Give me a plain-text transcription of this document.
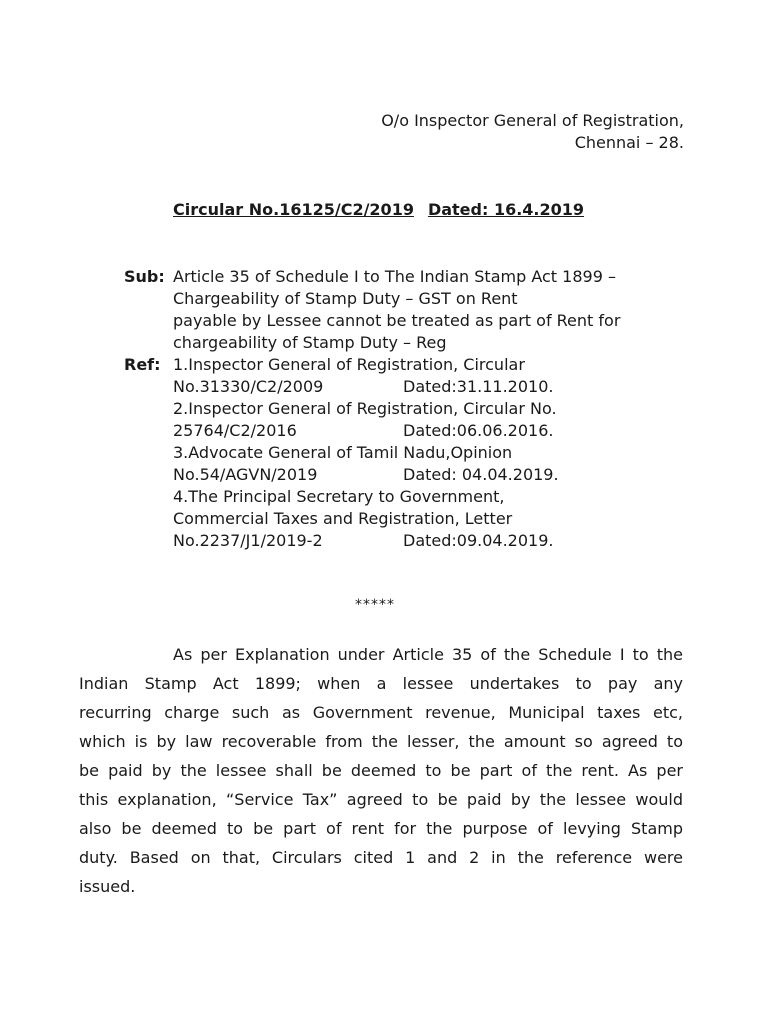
O/o Inspector General of Registration,
Chennai – 28.
Circular No.16125/C2/2019 Dated: 16.4.2019
Sub: Article 35 of Schedule I to The Indian Stamp Act 1899 –
Chargeability of Stamp Duty – GST on Rent
payable by Lessee cannot be treated as part of Rent for
chargeability of Stamp Duty – Reg
Ref: 1.Inspector General of Registration, Circular
No.31330/C2/2009	Dated:31.11.2010.
2.Inspector General of Registration, Circular No.
25764/C2/2016	Dated:06.06.2016.
3.Advocate General of Tamil Nadu,Opinion
No.54/AGVN/2019	Dated: 04.04.2019.
4.The Principal Secretary to Government,
Commercial Taxes and Registration, Letter
No.2237/J1/2019-2	Dated:09.04.2019.
*****
As per Explanation under Article 35 of the Schedule I to the
Indian Stamp Act 1899; when a lessee undertakes to pay any
recurring charge such as Government revenue, Municipal taxes etc,
which is by law recoverable from the lesser, the amount so agreed to
be paid by the lessee shall be deemed to be part of the rent. As per
this explanation, “Service Tax” agreed to be paid by the lessee would
also be deemed to be part of rent for the purpose of levying Stamp
duty. Based on that, Circulars cited 1 and 2 in the reference were
issued.
